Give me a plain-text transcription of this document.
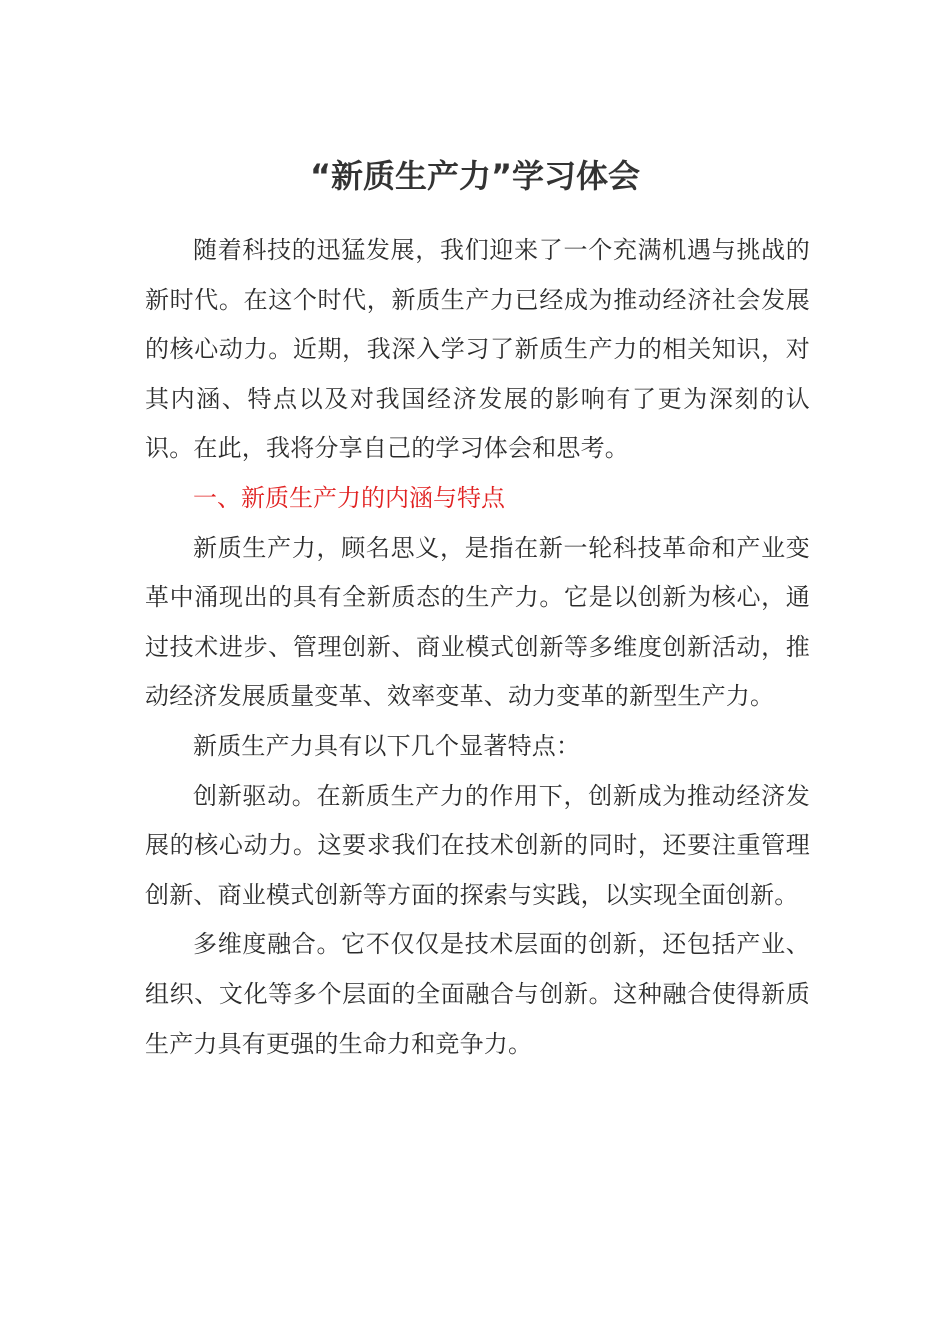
“新质生产力”学习体会

随着科技的迅猛发展，我们迎来了一个充满机遇与挑战的新时代。在这个时代，新质生产力已经成为推动经济社会发展的核心动力。近期，我深入学习了新质生产力的相关知识，对其内涵、特点以及对我国经济发展的影响有了更为深刻的认识。在此，我将分享自己的学习体会和思考。

一、新质生产力的内涵与特点

新质生产力，顾名思义，是指在新一轮科技革命和产业变革中涌现出的具有全新质态的生产力。它是以创新为核心，通过技术进步、管理创新、商业模式创新等多维度创新活动，推动经济发展质量变革、效率变革、动力变革的新型生产力。

新质生产力具有以下几个显著特点：

创新驱动。在新质生产力的作用下，创新成为推动经济发展的核心动力。这要求我们在技术创新的同时，还要注重管理创新、商业模式创新等方面的探索与实践，以实现全面创新。

多维度融合。它不仅仅是技术层面的创新，还包括产业、组织、文化等多个层面的全面融合与创新。这种融合使得新质生产力具有更强的生命力和竞争力。
